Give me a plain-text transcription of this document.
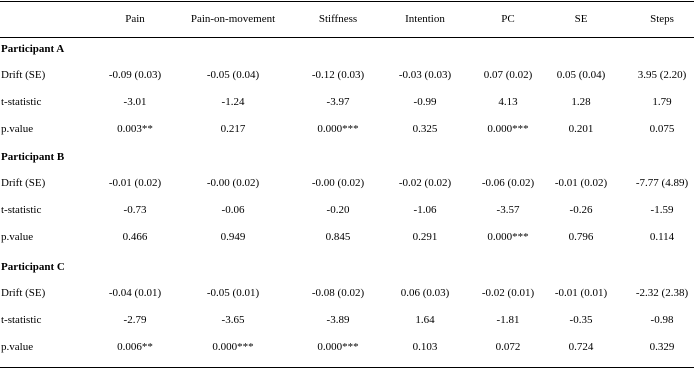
Pain	Pain-on-movement	Stiffness	Intention	PC	SE	Steps
Participant A
Drift (SE)	-0.09 (0.03)	-0.05 (0.04)	-0.12 (0.03)	-0.03 (0.03)	0.07 (0.02)	0.05 (0.04)	3.95 (2.20)
t-statistic	-3.01	-1.24	-3.97	-0.99	4.13	1.28	1.79
p.value	0.003**	0.217	0.000***	0.325	0.000***	0.201	0.075
Participant B
Drift (SE)	-0.01 (0.02)	-0.00 (0.02)	-0.00 (0.02)	-0.02 (0.02)	-0.06 (0.02)	-0.01 (0.02)	-7.77 (4.89)
t-statistic	-0.73	-0.06	-0.20	-1.06	-3.57	-0.26	-1.59
p.value	0.466	0.949	0.845	0.291	0.000***	0.796	0.114
Participant C
Drift (SE)	-0.04 (0.01)	-0.05 (0.01)	-0.08 (0.02)	0.06 (0.03)	-0.02 (0.01)	-0.01 (0.01)	-2.32 (2.38)
t-statistic	-2.79	-3.65	-3.89	1.64	-1.81	-0.35	-0.98
p.value	0.006**	0.000***	0.000***	0.103	0.072	0.724	0.329
